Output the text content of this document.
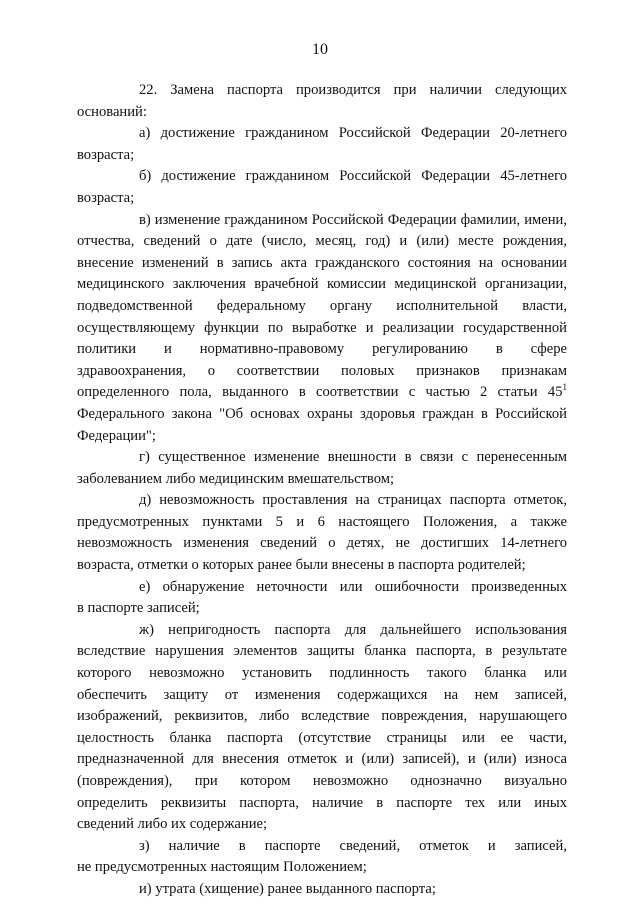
10
22. Замена паспорта производится при наличии следующих
оснований:
а) достижение гражданином Российской Федерации 20-летнего
возраста;
б) достижение гражданином Российской Федерации 45-летнего
возраста;
в) изменение гражданином Российской Федерации фамилии, имени,
отчества, сведений о дате (число, месяц, год) и (или) месте рождения,
внесение изменений в запись акта гражданского состояния на основании
медицинского заключения врачебной комиссии медицинской организации,
подведомственной федеральному органу исполнительной власти,
осуществляющему функции по выработке и реализации государственной
политики и нормативно-правовому регулированию в сфере
здравоохранения, о соответствии половых признаков признакам
определенного пола, выданного в соответствии с частью 2 статьи $45^1$
Федерального закона "Об основах охраны здоровья граждан в Российской
Федерации";
г) существенное изменение внешности в связи с перенесенным
заболеванием либо медицинским вмешательством;
д) невозможность проставления на страницах паспорта отметок,
предусмотренных пунктами 5 и 6 настоящего Положения, а также
невозможность изменения сведений о детях, не достигших 14-летнего
возраста, отметки о которых ранее были внесены в паспорта родителей;
е) обнаружение неточности или ошибочности произведенных
в паспорте записей;
ж) непригодность паспорта для дальнейшего использования
вследствие нарушения элементов защиты бланка паспорта, в результате
которого невозможно установить подлинность такого бланка или
обеспечить защиту от изменения содержащихся на нем записей,
изображений, реквизитов, либо вследствие повреждения, нарушающего
целостность бланка паспорта (отсутствие страницы или ее части,
предназначенной для внесения отметок и (или) записей), и (или) износа
(повреждения), при котором невозможно однозначно визуально
определить реквизиты паспорта, наличие в паспорте тех или иных
сведений либо их содержание;
з) наличие в паспорте сведений, отметок и записей,
не предусмотренных настоящим Положением;
и) утрата (хищение) ранее выданного паспорта;
